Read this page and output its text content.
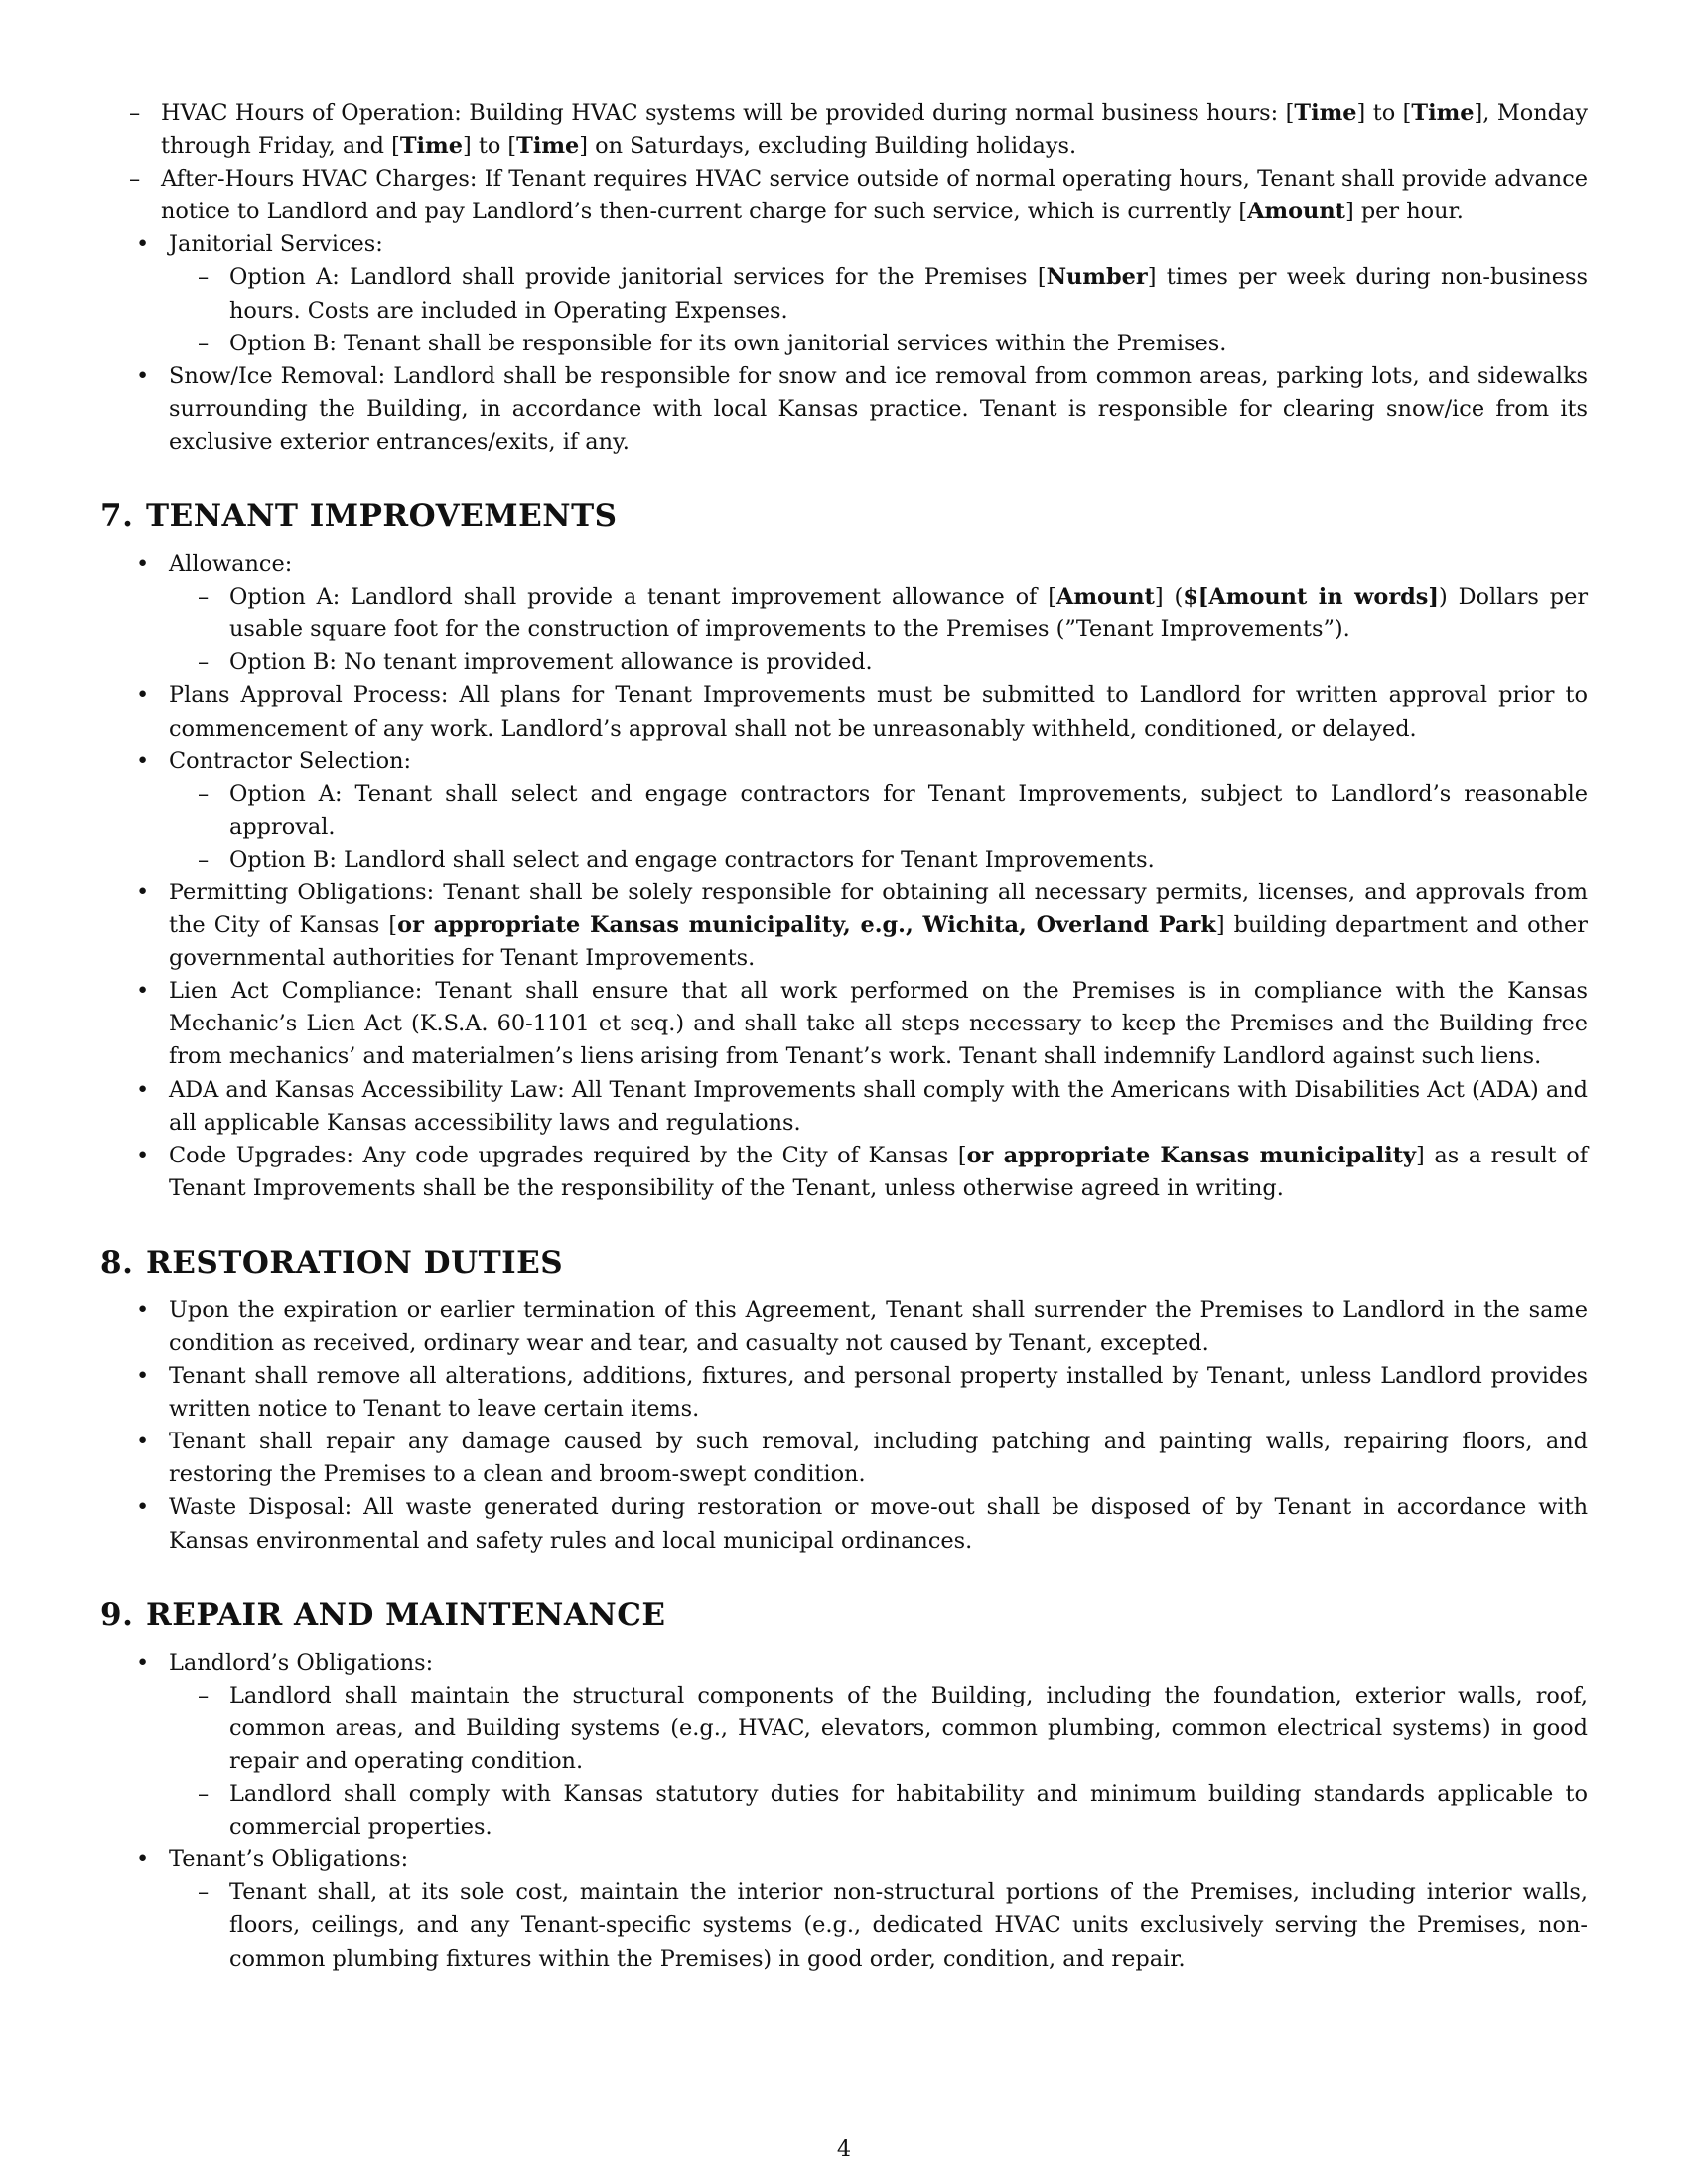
– HVAC Hours of Operation: Building HVAC systems will be provided during normal business hours: [Time] to [Time], Monday through Friday, and [Time] to [Time] on Saturdays, excluding Building holidays.
– After-Hours HVAC Charges: If Tenant requires HVAC service outside of normal operating hours, Tenant shall provide advance notice to Landlord and pay Landlord’s then-current charge for such service, which is currently [Amount] per hour.
• Janitorial Services:
– Option A: Landlord shall provide janitorial services for the Premises [Number] times per week during non-business hours. Costs are included in Operating Expenses.
– Option B: Tenant shall be responsible for its own janitorial services within the Premises.
• Snow/Ice Removal: Landlord shall be responsible for snow and ice removal from common areas, parking lots, and sidewalks surrounding the Building, in accordance with local Kansas practice. Tenant is responsible for clearing snow/ice from its exclusive exterior entrances/exits, if any.
7. TENANT IMPROVEMENTS
• Allowance:
– Option A: Landlord shall provide a tenant improvement allowance of [Amount] ($[Amount in words]) Dollars per usable square foot for the construction of improvements to the Premises (”Tenant Improvements”).
– Option B: No tenant improvement allowance is provided.
• Plans Approval Process: All plans for Tenant Improvements must be submitted to Landlord for written approval prior to commencement of any work. Landlord’s approval shall not be unreasonably withheld, conditioned, or delayed.
• Contractor Selection:
– Option A: Tenant shall select and engage contractors for Tenant Improvements, subject to Landlord’s reasonable approval.
– Option B: Landlord shall select and engage contractors for Tenant Improvements.
• Permitting Obligations: Tenant shall be solely responsible for obtaining all necessary permits, licenses, and approvals from the City of Kansas [or appropriate Kansas municipality, e.g., Wichita, Overland Park] building department and other governmental authorities for Tenant Improvements.
• Lien Act Compliance: Tenant shall ensure that all work performed on the Premises is in compliance with the Kansas Mechanic’s Lien Act (K.S.A. 60-1101 et seq.) and shall take all steps necessary to keep the Premises and the Building free from mechanics’ and materialmen’s liens arising from Tenant’s work. Tenant shall indemnify Landlord against such liens.
• ADA and Kansas Accessibility Law: All Tenant Improvements shall comply with the Americans with Disabilities Act (ADA) and all applicable Kansas accessibility laws and regulations.
• Code Upgrades: Any code upgrades required by the City of Kansas [or appropriate Kansas municipality] as a result of Tenant Improvements shall be the responsibility of the Tenant, unless otherwise agreed in writing.
8. RESTORATION DUTIES
• Upon the expiration or earlier termination of this Agreement, Tenant shall surrender the Premises to Landlord in the same condition as received, ordinary wear and tear, and casualty not caused by Tenant, excepted.
• Tenant shall remove all alterations, additions, fixtures, and personal property installed by Tenant, unless Landlord provides written notice to Tenant to leave certain items.
• Tenant shall repair any damage caused by such removal, including patching and painting walls, repairing floors, and restoring the Premises to a clean and broom-swept condition.
• Waste Disposal: All waste generated during restoration or move-out shall be disposed of by Tenant in accordance with Kansas environmental and safety rules and local municipal ordinances.
9. REPAIR AND MAINTENANCE
• Landlord’s Obligations:
– Landlord shall maintain the structural components of the Building, including the foundation, exterior walls, roof, common areas, and Building systems (e.g., HVAC, elevators, common plumbing, common electrical systems) in good repair and operating condition.
– Landlord shall comply with Kansas statutory duties for habitability and minimum building standards applicable to commercial properties.
• Tenant’s Obligations:
– Tenant shall, at its sole cost, maintain the interior non-structural portions of the Premises, including interior walls, floors, ceilings, and any Tenant-specific systems (e.g., dedicated HVAC units exclusively serving the Premises, non-common plumbing fixtures within the Premises) in good order, condition, and repair.
4
